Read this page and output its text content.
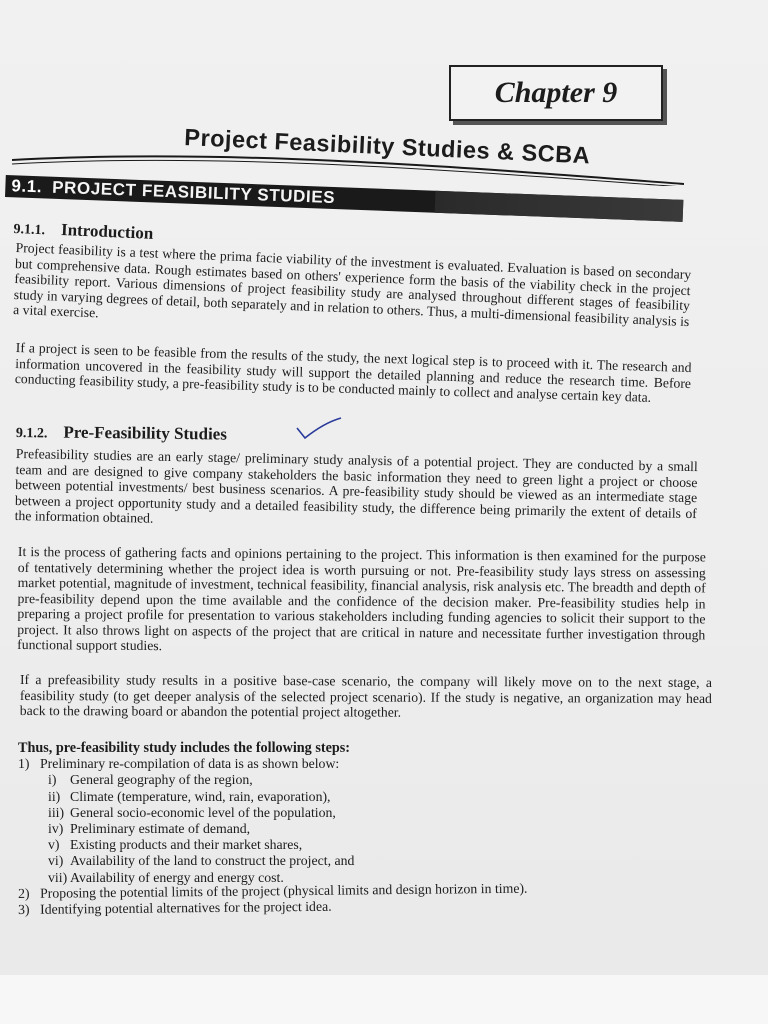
Chapter 9
Project Feasibility Studies & SCBA
9.1. PROJECT FEASIBILITY STUDIES
9.1.1. Introduction

Project feasibility is a test where the prima facie viability of the investment is evaluated. Evaluation is based on secondary but comprehensive data. Rough estimates based on others' experience form the basis of the viability check in the project feasibility report. Various dimensions of project feasibility study are analysed throughout different stages of feasibility study in varying degrees of detail, both separately and in relation to others. Thus, a multi-dimensional feasibility analysis is a vital exercise.

If a project is seen to be feasible from the results of the study, the next logical step is to proceed with it. The research and information uncovered in the feasibility study will support the detailed planning and reduce the research time. Before conducting feasibility study, a pre-feasibility study is to be conducted mainly to collect and analyse certain key data.

9.1.2. Pre-Feasibility Studies

Prefeasibility studies are an early stage/ preliminary study analysis of a potential project. They are conducted by a small team and are designed to give company stakeholders the basic information they need to green light a project or choose between potential investments/ best business scenarios. A pre-feasibility study should be viewed as an intermediate stage between a project opportunity study and a detailed feasibility study, the difference being primarily the extent of details of the information obtained.

It is the process of gathering facts and opinions pertaining to the project. This information is then examined for the purpose of tentatively determining whether the project idea is worth pursuing or not. Pre-feasibility study lays stress on assessing market potential, magnitude of investment, technical feasibility, financial analysis, risk analysis etc. The breadth and depth of pre-feasibility depend upon the time available and the confidence of the decision maker. Pre-feasibility studies help in preparing a project profile for presentation to various stakeholders including funding agencies to solicit their support to the project. It also throws light on aspects of the project that are critical in nature and necessitate further investigation through functional support studies.

If a prefeasibility study results in a positive base-case scenario, the company will likely move on to the next stage, a feasibility study (to get deeper analysis of the selected project scenario). If the study is negative, an organization may head back to the drawing board or abandon the potential project altogether.

Thus, pre-feasibility study includes the following steps:
1) Preliminary re-compilation of data is as shown below:
i) General geography of the region,
ii) Climate (temperature, wind, rain, evaporation),
iii) General socio-economic level of the population,
iv) Preliminary estimate of demand,
v) Existing products and their market shares,
vi) Availability of the land to construct the project, and
vii) Availability of energy and energy cost.
2) Proposing the potential limits of the project (physical limits and design horizon in time).
3) Identifying potential alternatives for the project idea.
